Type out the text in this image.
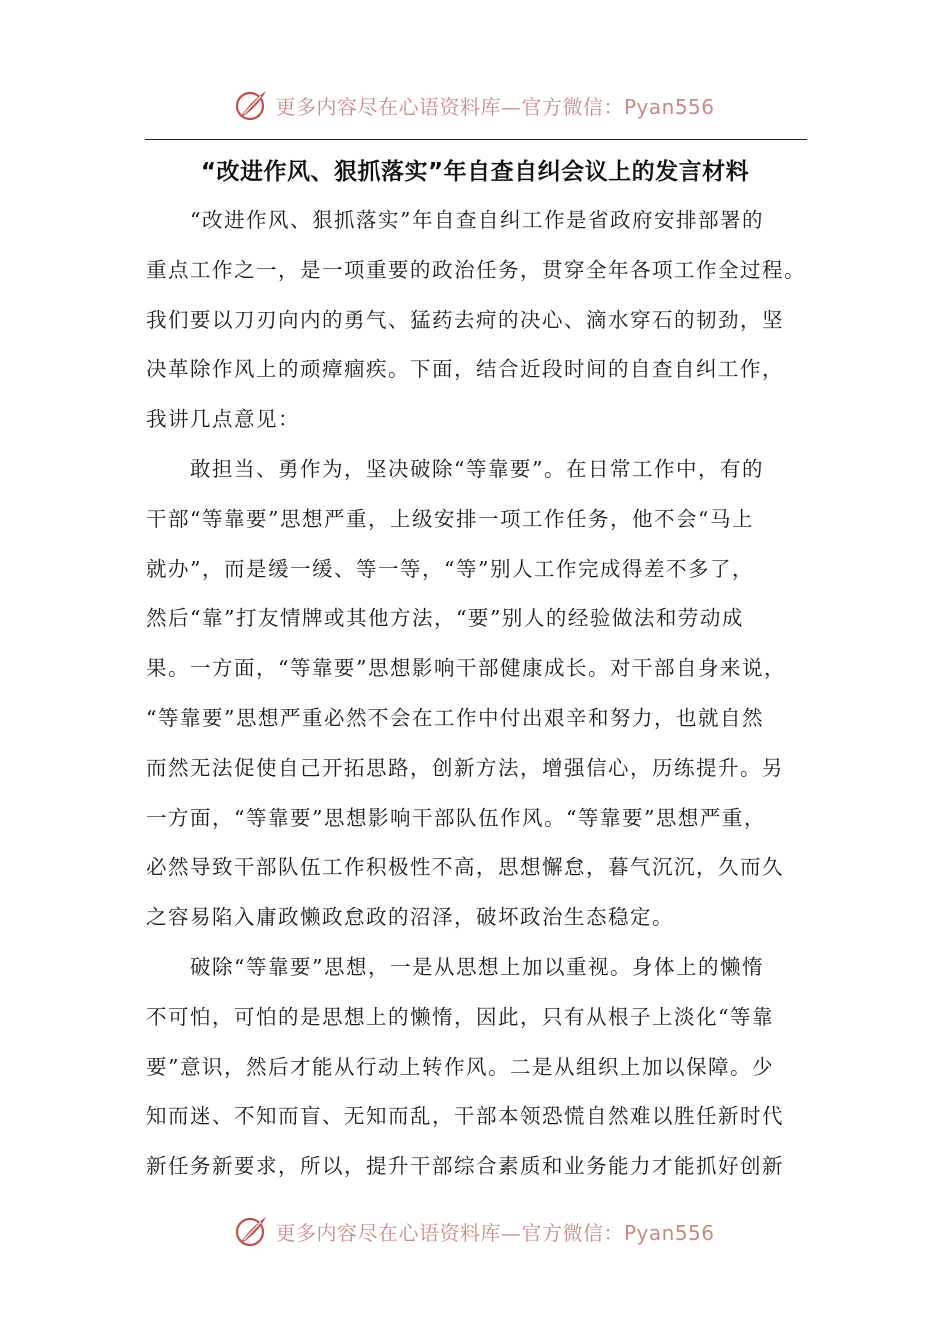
更多内容尽在心语资料库—官方微信：Pyan556
“改进作风、狠抓落实”年自查自纠会议上的发言材料
“改进作风、狠抓落实”年自查自纠工作是省政府安排部署的
重点工作之一，是一项重要的政治任务，贯穿全年各项工作全过程。
我们要以刀刃向内的勇气、猛药去疴的决心、滴水穿石的韧劲，坚
决革除作风上的顽瘴痼疾。下面，结合近段时间的自查自纠工作，
我讲几点意见：
敢担当、勇作为，坚决破除“等靠要”。在日常工作中，有的
干部“等靠要”思想严重，上级安排一项工作任务，他不会“马上
就办”，而是缓一缓、等一等，“等”别人工作完成得差不多了，
然后“靠”打友情牌或其他方法，“要”别人的经验做法和劳动成
果。一方面，“等靠要”思想影响干部健康成长。对干部自身来说，
“等靠要”思想严重必然不会在工作中付出艰辛和努力，也就自然
而然无法促使自己开拓思路，创新方法，增强信心，历练提升。另
一方面，“等靠要”思想影响干部队伍作风。“等靠要”思想严重，
必然导致干部队伍工作积极性不高，思想懈怠，暮气沉沉，久而久
之容易陷入庸政懒政怠政的沼泽，破坏政治生态稳定。
破除“等靠要”思想，一是从思想上加以重视。身体上的懒惰
不可怕，可怕的是思想上的懒惰，因此，只有从根子上淡化“等靠
要”意识，然后才能从行动上转作风。二是从组织上加以保障。少
知而迷、不知而盲、无知而乱，干部本领恐慌自然难以胜任新时代
新任务新要求，所以，提升干部综合素质和业务能力才能抓好创新
更多内容尽在心语资料库—官方微信：Pyan556
